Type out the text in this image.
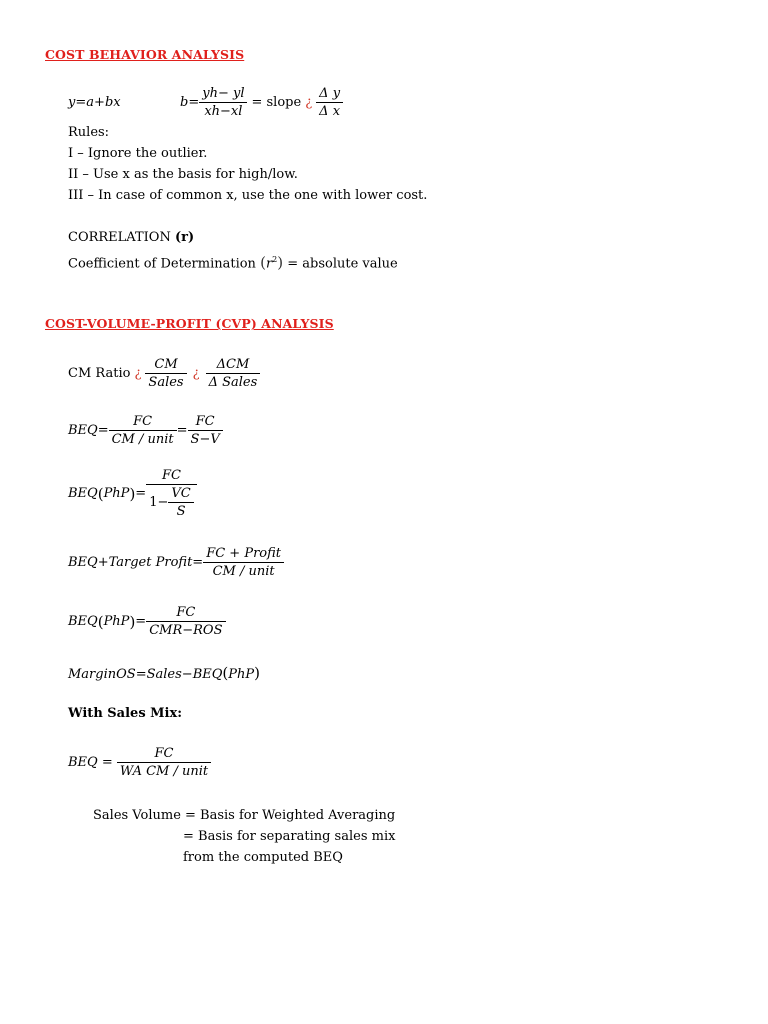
COST BEHAVIOR ANALYSIS
y=a+bx	$b = \frac{yh- yl}{xh-xl}$ = slope ¿ $\frac{\text{Δ y}}{\text{Δ x}}$
Rules:
I – Ignore the outlier.
II – Use x as the basis for high/low.
III – In case of common x, use the one with lower cost.
CORRELATION (r)
Coefficient of Determination $(r^2)$ = absolute value
COST-VOLUME-PROFIT (CVP) ANALYSIS
CM Ratio ¿ $\frac{CM}{\text{Sales}}$ ¿ $\frac{\text{ΔCM}}{\text{Δ Sales}}$
BEQ = $\frac{FC}{\text{CM / unit}} = \frac{FC}{S-V}$
BEQ ( PhP ) = $\frac{FC}{1- \frac{VC}{S}}$
BEQ + Target Profit = $\frac{\text{FC + Profit}}{\text{CM / unit}}$
BEQ ( PhP ) = $\frac{FC}{\text{CMR−ROS}}$
MarginOS=Sales−BEQ(PhP)
With Sales Mix:
BEQ = $\frac{FC}{\text{WA CM / unit}}$
Sales Volume = Basis for Weighted Averaging
= Basis for separating sales mix
from the computed BEQ
